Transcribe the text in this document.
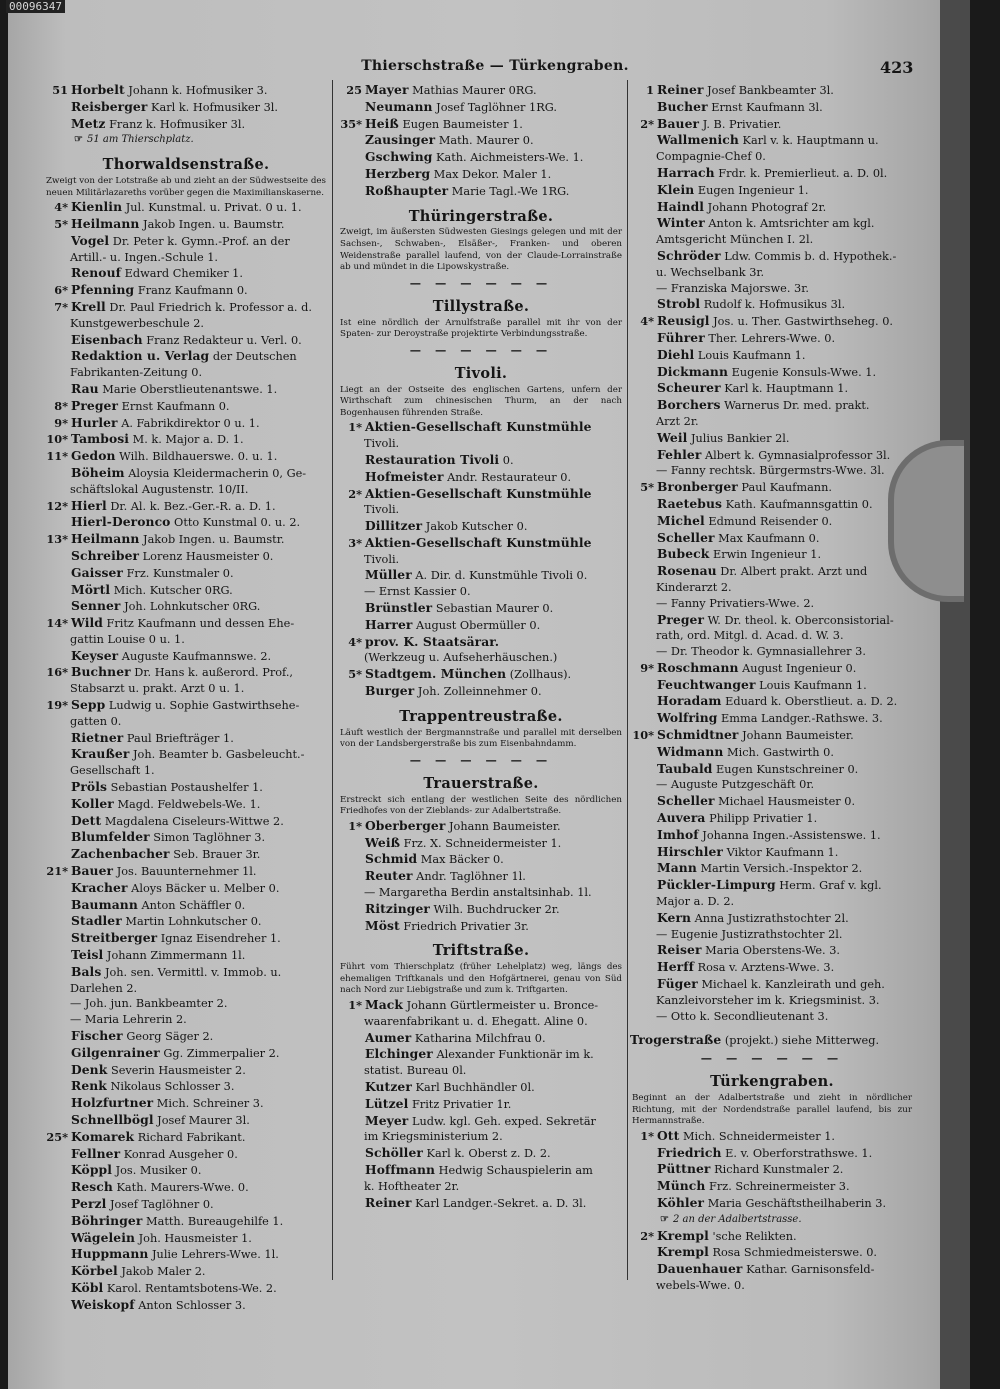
00096347
Thierschstraße — Türkengraben.	423
51 Horbelt Johann k. Hofmusiker 3.
Reisberger Karl k. Hofmusiker 3l.
Metz Franz k. Hofmusiker 3l.
☞ 51 am Thierschplatz.
Thorwaldsenstraße.
Zweigt von der Lotstraße ab und zieht an der Südwestseite des neuen Militärlazareths vorüber gegen die Maximilianskaserne.
4* Kienlin Jul. Kunstmal. u. Privat. 0 u. 1.
5* Heilmann Jakob Ingen. u. Baumstr.
Vogel Dr. Peter k. Gymn.-Prof. an der
Artill.- u. Ingen.-Schule 1.
Renouf Edward Chemiker 1.
6* Pfenning Franz Kaufmann 0.
7* Krell Dr. Paul Friedrich k. Professor a. d.
Kunstgewerbeschule 2.
Eisenbach Franz Redakteur u. Verl. 0.
Redaktion u. Verlag der Deutschen
Fabrikanten-Zeitung 0.
Rau Marie Oberstlieutenantswe. 1.
8* Preger Ernst Kaufmann 0.
9* Hurler A. Fabrikdirektor 0 u. 1.
10* Tambosi M. k. Major a. D. 1.
11* Gedon Wilh. Bildhauerswe. 0. u. 1.
Böheim Aloysia Kleidermacherin 0, Ge-
schäftslokal Augustenstr. 10/II.
12* Hierl Dr. Al. k. Bez.-Ger.-R. a. D. 1.
Hierl-Deronco Otto Kunstmal 0. u. 2.
13* Heilmann Jakob Ingen. u. Baumstr.
Schreiber Lorenz Hausmeister 0.
Gaisser Frz. Kunstmaler 0.
Mörtl Mich. Kutscher 0RG.
Senner Joh. Lohnkutscher 0RG.
14* Wild Fritz Kaufmann und dessen Ehe-
gattin Louise 0 u. 1.
Keyser Auguste Kaufmannswe. 2.
16* Buchner Dr. Hans k. außerord. Prof.,
Stabsarzt u. prakt. Arzt 0 u. 1.
19* Sepp Ludwig u. Sophie Gastwirthsehe-
gatten 0.
Rietner Paul Briefträger 1.
Kraußer Joh. Beamter b. Gasbeleucht.-
Gesellschaft 1.
Pröls Sebastian Postaushelfer 1.
Koller Magd. Feldwebels-We. 1.
Dett Magdalena Ciseleurs-Wittwe 2.
Blumfelder Simon Taglöhner 3.
Zachenbacher Seb. Brauer 3r.
21* Bauer Jos. Bauunternehmer 1l.
Kracher Aloys Bäcker u. Melber 0.
Baumann Anton Schäffler 0.
Stadler Martin Lohnkutscher 0.
Streitberger Ignaz Eisendreher 1.
Teisl Johann Zimmermann 1l.
Bals Joh. sen. Vermittl. v. Immob. u.
Darlehen 2.
— Joh. jun. Bankbeamter 2.
— Maria Lehrerin 2.
Fischer Georg Säger 2.
Gilgenrainer Gg. Zimmerpalier 2.
Denk Severin Hausmeister 2.
Renk Nikolaus Schlosser 3.
Holzfurtner Mich. Schreiner 3.
Schnellbögl Josef Maurer 3l.
25* Komarek Richard Fabrikant.
Fellner Konrad Ausgeher 0.
Köppl Jos. Musiker 0.
Resch Kath. Maurers-Wwe. 0.
Perzl Josef Taglöhner 0.
Böhringer Matth. Bureaugehilfe 1.
Wägelein Joh. Hausmeister 1.
Huppmann Julie Lehrers-Wwe. 1l.
Körbel Jakob Maler 2.
Köbl Karol. Rentamtsbotens-We. 2.
Weiskopf Anton Schlosser 3.
25 Mayer Mathias Maurer 0RG.
Neumann Josef Taglöhner 1RG.
35* Heiß Eugen Baumeister 1.
Zausinger Math. Maurer 0.
Gschwing Kath. Aichmeisters-We. 1.
Herzberg Max Dekor. Maler 1.
Roßhaupter Marie Tagl.-We 1RG.
Thüringerstraße.
Zweigt, im äußersten Südwesten Giesings gelegen und mit der Sachsen-, Schwaben-, Elsäßer-, Franken- und oberen Weidenstraße parallel laufend, von der Claude-Lorrainstraße ab und mündet in die Lipowskystraße.
— — — — — —
Tillystraße.
Ist eine nördlich der Arnulfstraße parallel mit ihr von der Spaten- zur Deroystraße projektirte Verbindungsstraße.
— — — — — —
Tivoli.
Liegt an der Ostseite des englischen Gartens, unfern der Wirthschaft zum chinesischen Thurm, an der nach Bogenhausen führenden Straße.
1* Aktien-Gesellschaft Kunstmühle
Tivoli.
Restauration Tivoli 0.
Hofmeister Andr. Restaurateur 0.
2* Aktien-Gesellschaft Kunstmühle
Tivoli.
Dillitzer Jakob Kutscher 0.
3* Aktien-Gesellschaft Kunstmühle
Tivoli.
Müller A. Dir. d. Kunstmühle Tivoli 0.
— Ernst Kassier 0.
Brünstler Sebastian Maurer 0.
Harrer August Obermüller 0.
4* prov. K. Staatsärar.
(Werkzeug u. Aufseherhäuschen.)
5* Stadtgem. München (Zollhaus).
Burger Joh. Zolleinnehmer 0.
Trappentreustraße.
Läuft westlich der Bergmannstraße und parallel mit derselben von der Landsbergerstraße bis zum Eisenbahndamm.
— — — — — —
Trauerstraße.
Erstreckt sich entlang der westlichen Seite des nördlichen Friedhofes von der Zieblands- zur Adalbertstraße.
1* Oberberger Johann Baumeister.
Weiß Frz. X. Schneidermeister 1.
Schmid Max Bäcker 0.
Reuter Andr. Taglöhner 1l.
— Margaretha Berdin anstaltsinhab. 1l.
Ritzinger Wilh. Buchdrucker 2r.
Möst Friedrich Privatier 3r.
Triftstraße.
Führt vom Thierschplatz (früher Lehelplatz) weg, längs des ehemaligen Triftkanals und den Hofgärtnerei, genau von Süd nach Nord zur Liebigstraße und zum k. Triftgarten.
1* Mack Johann Gürtlermeister u. Bronce-
waarenfabrikant u. d. Ehegatt. Aline 0.
Aumer Katharina Milchfrau 0.
Elchinger Alexander Funktionär im k.
statist. Bureau 0l.
Kutzer Karl Buchhändler 0l.
Lützel Fritz Privatier 1r.
Meyer Ludw. kgl. Geh. exped. Sekretär
im Kriegsministerium 2.
Schöller Karl k. Oberst z. D. 2.
Hoffmann Hedwig Schauspielerin am
k. Hoftheater 2r.
Reiner Karl Landger.-Sekret. a. D. 3l.
1 Reiner Josef Bankbeamter 3l.
Bucher Ernst Kaufmann 3l.
2* Bauer J. B. Privatier.
Wallmenich Karl v. k. Hauptmann u.
Compagnie-Chef 0.
Harrach Frdr. k. Premierlieut. a. D. 0l.
Klein Eugen Ingenieur 1.
Haindl Johann Photograf 2r.
Winter Anton k. Amtsrichter am kgl.
Amtsgericht München I. 2l.
Schröder Ldw. Commis b. d. Hypothek.-
u. Wechselbank 3r.
— Franziska Majorswe. 3r.
Strobl Rudolf k. Hofmusikus 3l.
4* Reusigl Jos. u. Ther. Gastwirthseheg. 0.
Führer Ther. Lehrers-Wwe. 0.
Diehl Louis Kaufmann 1.
Dickmann Eugenie Konsuls-Wwe. 1.
Scheurer Karl k. Hauptmann 1.
Borchers Warnerus Dr. med. prakt.
Arzt 2r.
Weil Julius Bankier 2l.
Fehler Albert k. Gymnasialprofessor 3l.
— Fanny rechtsk. Bürgermstrs-Wwe. 3l.
5* Bronberger Paul Kaufmann.
Raetebus Kath. Kaufmannsgattin 0.
Michel Edmund Reisender 0.
Scheller Max Kaufmann 0.
Bubeck Erwin Ingenieur 1.
Rosenau Dr. Albert prakt. Arzt und
Kinderarzt 2.
— Fanny Privatiers-Wwe. 2.
Preger W. Dr. theol. k. Oberconsistorial-
rath, ord. Mitgl. d. Acad. d. W. 3.
— Dr. Theodor k. Gymnasiallehrer 3.
9* Roschmann August Ingenieur 0.
Feuchtwanger Louis Kaufmann 1.
Horadam Eduard k. Oberstlieut. a. D. 2.
Wolfring Emma Landger.-Rathswe. 3.
10* Schmidtner Johann Baumeister.
Widmann Mich. Gastwirth 0.
Taubald Eugen Kunstschreiner 0.
— Auguste Putzgeschäft 0r.
Scheller Michael Hausmeister 0.
Auvera Philipp Privatier 1.
Imhof Johanna Ingen.-Assistenswe. 1.
Hirschler Viktor Kaufmann 1.
Mann Martin Versich.-Inspektor 2.
Pückler-Limpurg Herm. Graf v. kgl.
Major a. D. 2.
Kern Anna Justizrathstochter 2l.
— Eugenie Justizrathstochter 2l.
Reiser Maria Oberstens-We. 3.
Herff Rosa v. Arztens-Wwe. 3.
Füger Michael k. Kanzleirath und geh.
Kanzleivorsteher im k. Kriegsminist. 3.
— Otto k. Secondlieutenant 3.
Trogerstraße (projekt.) siehe Mitterweg.
— — — — — —
Türkengraben.
Beginnt an der Adalbertstraße und zieht in nördlicher Richtung, mit der Nordendstraße parallel laufend, bis zur Hermannstraße.
1* Ott Mich. Schneidermeister 1.
Friedrich E. v. Oberforstrathswe. 1.
Püttner Richard Kunstmaler 2.
Münch Frz. Schreinermeister 3.
Köhler Maria Geschäftstheilhaberin 3.
☞ 2 an der Adalbertstrasse.
2* Krempl 'sche Relikten.
Krempl Rosa Schmiedmeisterswe. 0.
Dauenhauer Kathar. Garnisonsfeld-
webels-Wwe. 0.
